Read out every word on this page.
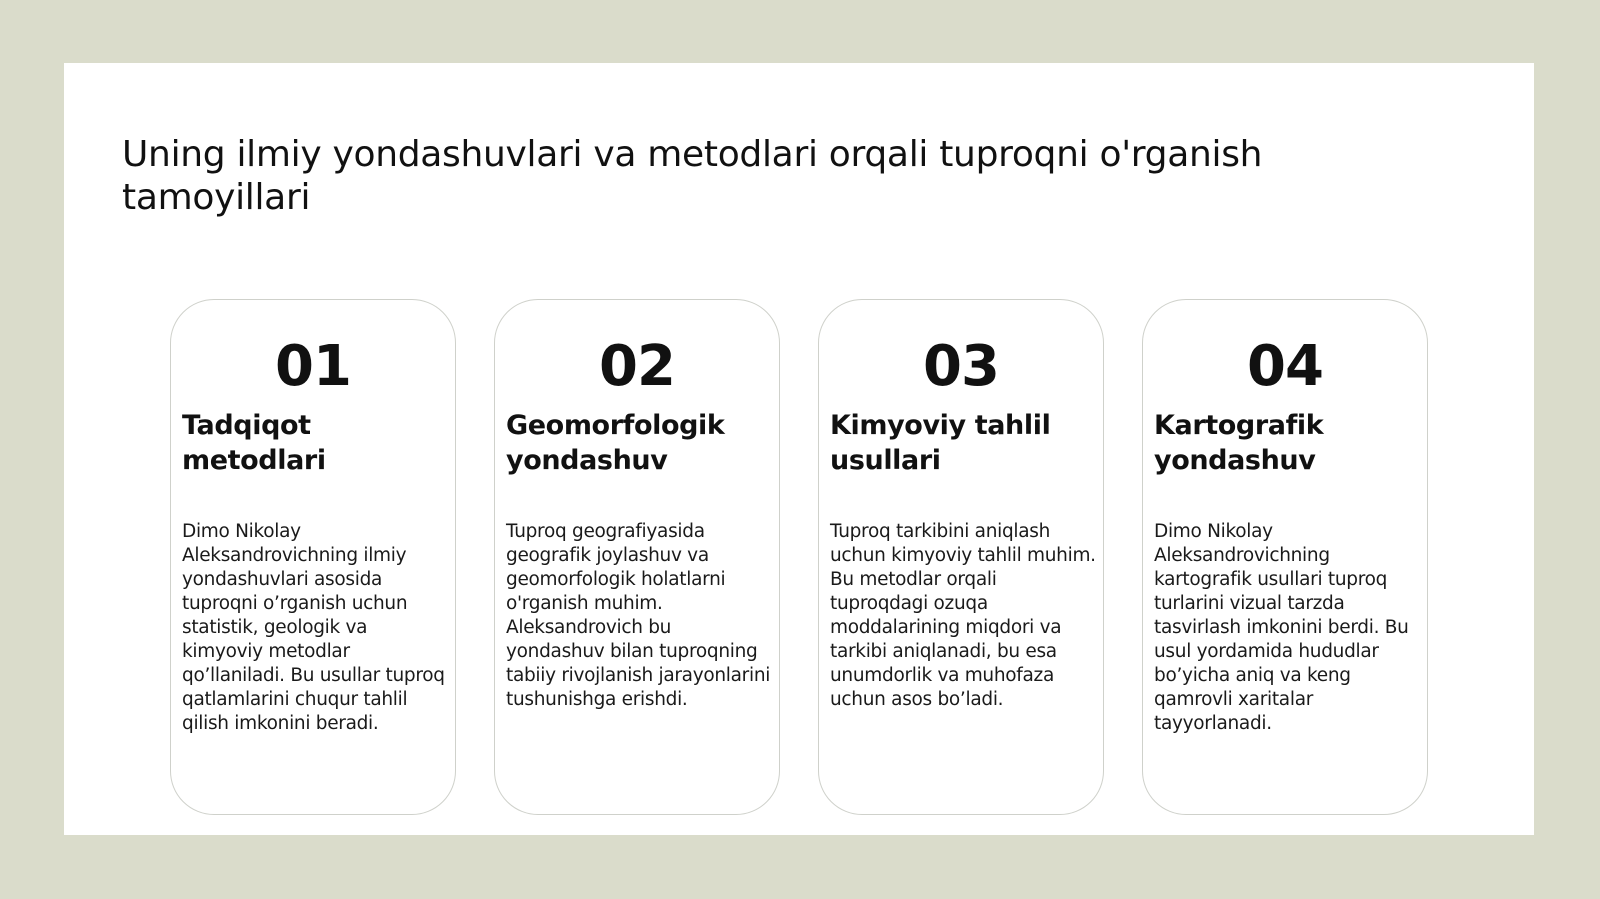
Uning ilmiy yondashuvlari va metodlari orqali tuproqni o'rganish tamoyillari
01
Tadqiqot metodlari

Dimo Nikolay Aleksandrovichning ilmiy yondashuvlari asosida tuproqni o’rganish uchun statistik, geologik va kimyoviy metodlar qo’llaniladi. Bu usullar tuproq qatlamlarini chuqur tahlil qilish imkonini beradi.

02
Geomorfologik yondashuv

Tuproq geografiyasida geografik joylashuv va geomorfologik holatlarni o'rganish muhim. Aleksandrovich bu yondashuv bilan tuproqning tabiiy rivojlanish jarayonlarini tushunishga erishdi.

03
Kimyoviy tahlil usullari

Tuproq tarkibini aniqlash uchun kimyoviy tahlil muhim. Bu metodlar orqali tuproqdagi ozuqa moddalarining miqdori va tarkibi aniqlanadi, bu esa unumdorlik va muhofaza uchun asos bo’ladi.

04
Kartografik yondashuv

Dimo Nikolay Aleksandrovichning kartografik usullari tuproq turlarini vizual tarzda tasvirlash imkonini berdi. Bu usul yordamida hududlar bo’yicha aniq va keng qamrovli xaritalar tayyorlanadi.
